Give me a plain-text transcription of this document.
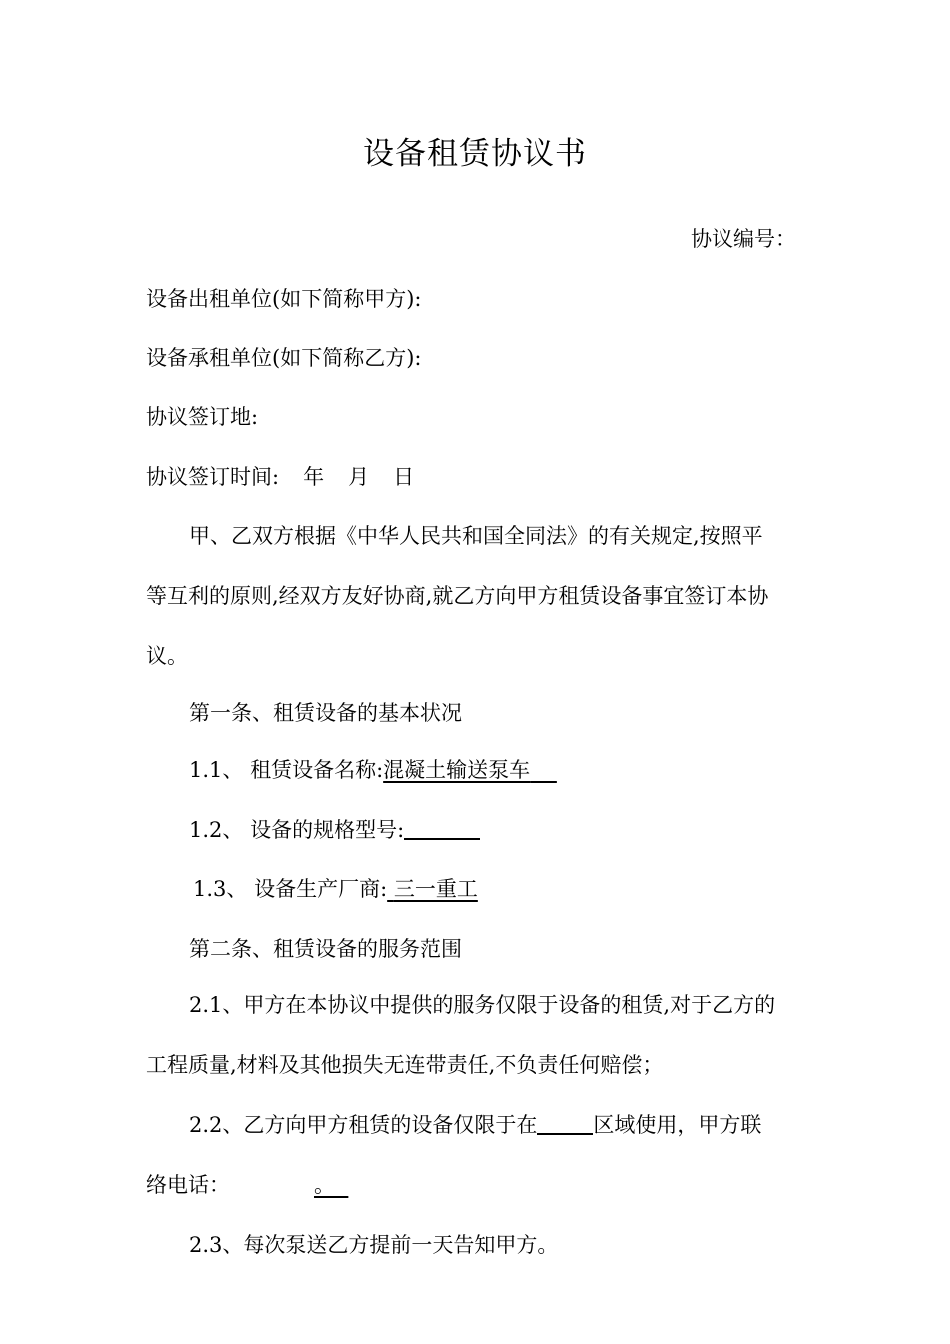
设备租赁协议书
协议编号：
设备出租单位(如下简称甲方):
设备承租单位(如下简称乙方):
协议签订地:
协议签订时间: 年 月 日
甲、乙双方根据《中华人民共和国全同法》的有关规定,按照平
等互利的原则,经双方友好协商,就乙方向甲方租赁设备事宜签订本协
议。
第一条、租赁设备的基本状况
1.1、 租赁设备名称:混凝土输送泵车
1.2、 设备的规格型号:
1.3、 设备生产厂商: 三一重工
第二条、租赁设备的服务范围
2.1、甲方在本协议中提供的服务仅限于设备的租赁,对于乙方的
工程质量,材料及其他损失无连带责任,不负责任何赔偿；
2.2、乙方向甲方租赁的设备仅限于在	区域使用，甲方联
络电话：	。
2.3、每次泵送乙方提前一天告知甲方。
